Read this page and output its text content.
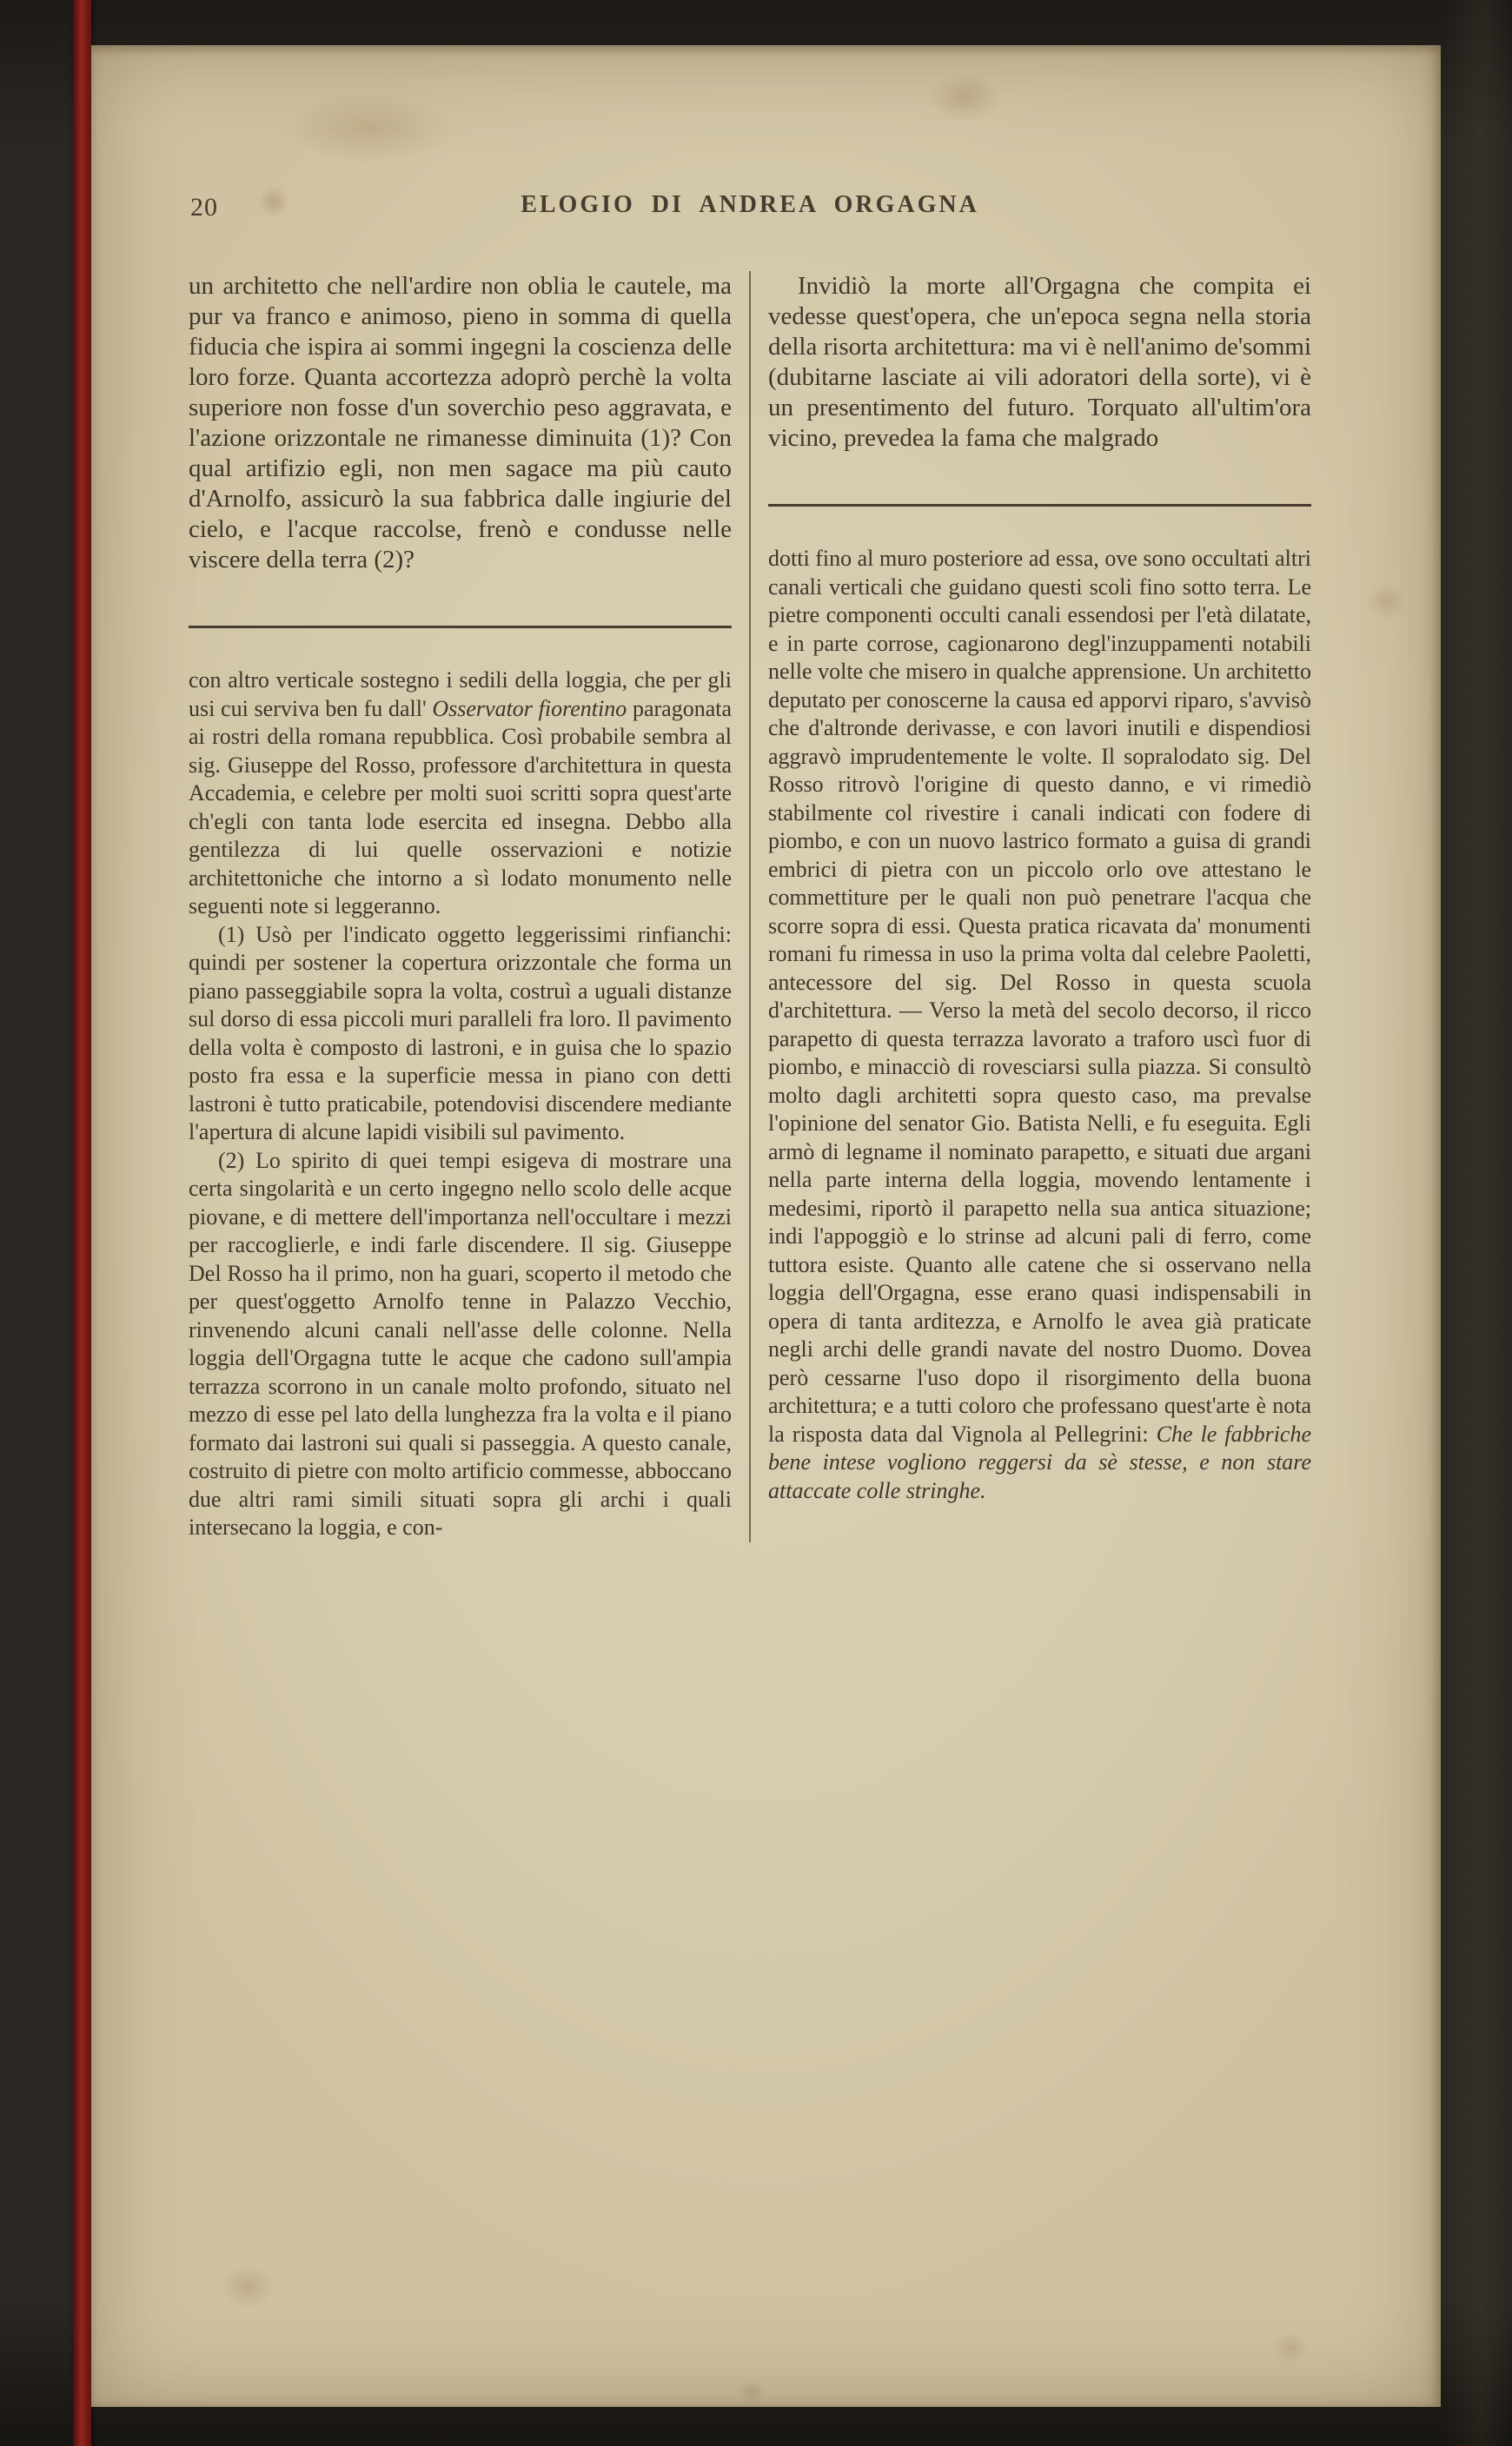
20	ELOGIO DI ANDREA ORGAGNA

un architetto che nell'ardire non oblia le cautele, ma pur va franco e animoso, pieno in somma di quella fiducia che ispira ai sommi ingegni la coscienza delle loro forze. Quanta accortezza adoprò perchè la volta superiore non fosse d'un soverchio peso aggravata, e l'azione orizzontale ne rimanesse diminuita (1)? Con qual artifizio egli, non men sagace ma più cauto d'Arnolfo, assicurò la sua fabbrica dalle ingiurie del cielo, e l'acque raccolse, frenò e condusse nelle viscere della terra (2)?

con altro verticale sostegno i sedili della loggia, che per gli usi cui serviva ben fu dall' Osservator fiorentino paragonata ai rostri della romana repubblica. Così probabile sembra al sig. Giuseppe del Rosso, professore d'architettura in questa Accademia, e celebre per molti suoi scritti sopra quest'arte ch'egli con tanta lode esercita ed insegna. Debbo alla gentilezza di lui quelle osservazioni e notizie architettoniche che intorno a sì lodato monumento nelle seguenti note si leggeranno.

(1) Usò per l'indicato oggetto leggerissimi rinfianchi: quindi per sostener la copertura orizzontale che forma un piano passeggiabile sopra la volta, costruì a uguali distanze sul dorso di essa piccoli muri paralleli fra loro. Il pavimento della volta è composto di lastroni, e in guisa che lo spazio posto fra essa e la superficie messa in piano con detti lastroni è tutto praticabile, potendovisi discendere mediante l'apertura di alcune lapidi visibili sul pavimento.

(2) Lo spirito di quei tempi esigeva di mostrare una certa singolarità e un certo ingegno nello scolo delle acque piovane, e di mettere dell'importanza nell'occultare i mezzi per raccoglierle, e indi farle discendere. Il sig. Giuseppe Del Rosso ha il primo, non ha guari, scoperto il metodo che per quest'oggetto Arnolfo tenne in Palazzo Vecchio, rinvenendo alcuni canali nell'asse delle colonne. Nella loggia dell'Orgagna tutte le acque che cadono sull'ampia terrazza scorrono in un canale molto profondo, situato nel mezzo di esse pel lato della lunghezza fra la volta e il piano formato dai lastroni sui quali si passeggia. A questo canale, costruito di pietre con molto artificio commesse, abboccano due altri rami simili situati sopra gli archi i quali intersecano la loggia, e con-

Invidiò la morte all'Orgagna che compita ei vedesse quest'opera, che un'epoca segna nella storia della risorta architettura: ma vi è nell'animo de'sommi (dubitarne lasciate ai vili adoratori della sorte), vi è un presentimento del futuro. Torquato all'ultim'ora vicino, prevedea la fama che malgrado

dotti fino al muro posteriore ad essa, ove sono occultati altri canali verticali che guidano questi scoli fino sotto terra. Le pietre componenti occulti canali essendosi per l'età dilatate, e in parte corrose, cagionarono degl'inzuppamenti notabili nelle volte che misero in qualche apprensione. Un architetto deputato per conoscerne la causa ed apporvi riparo, s'avvisò che d'altronde derivasse, e con lavori inutili e dispendiosi aggravò imprudentemente le volte. Il sopralodato sig. Del Rosso ritrovò l'origine di questo danno, e vi rimediò stabilmente col rivestire i canali indicati con fodere di piombo, e con un nuovo lastrico formato a guisa di grandi embrici di pietra con un piccolo orlo ove attestano le commettiture per le quali non può penetrare l'acqua che scorre sopra di essi. Questa pratica ricavata da' monumenti romani fu rimessa in uso la prima volta dal celebre Paoletti, antecessore del sig. Del Rosso in questa scuola d'architettura. — Verso la metà del secolo decorso, il ricco parapetto di questa terrazza lavorato a traforo uscì fuor di piombo, e minacciò di rovesciarsi sulla piazza. Si consultò molto dagli architetti sopra questo caso, ma prevalse l'opinione del senator Gio. Batista Nelli, e fu eseguita. Egli armò di legname il nominato parapetto, e situati due argani nella parte interna della loggia, movendo lentamente i medesimi, riportò il parapetto nella sua antica situazione; indi l'appoggiò e lo strinse ad alcuni pali di ferro, come tuttora esiste. Quanto alle catene che si osservano nella loggia dell'Orgagna, esse erano quasi indispensabili in opera di tanta arditezza, e Arnolfo le avea già praticate negli archi delle grandi navate del nostro Duomo. Dovea però cessarne l'uso dopo il risorgimento della buona architettura; e a tutti coloro che professano quest'arte è nota la risposta data dal Vignola al Pellegrini: Che le fabbriche bene intese vogliono reggersi da sè stesse, e non stare attaccate colle stringhe.
